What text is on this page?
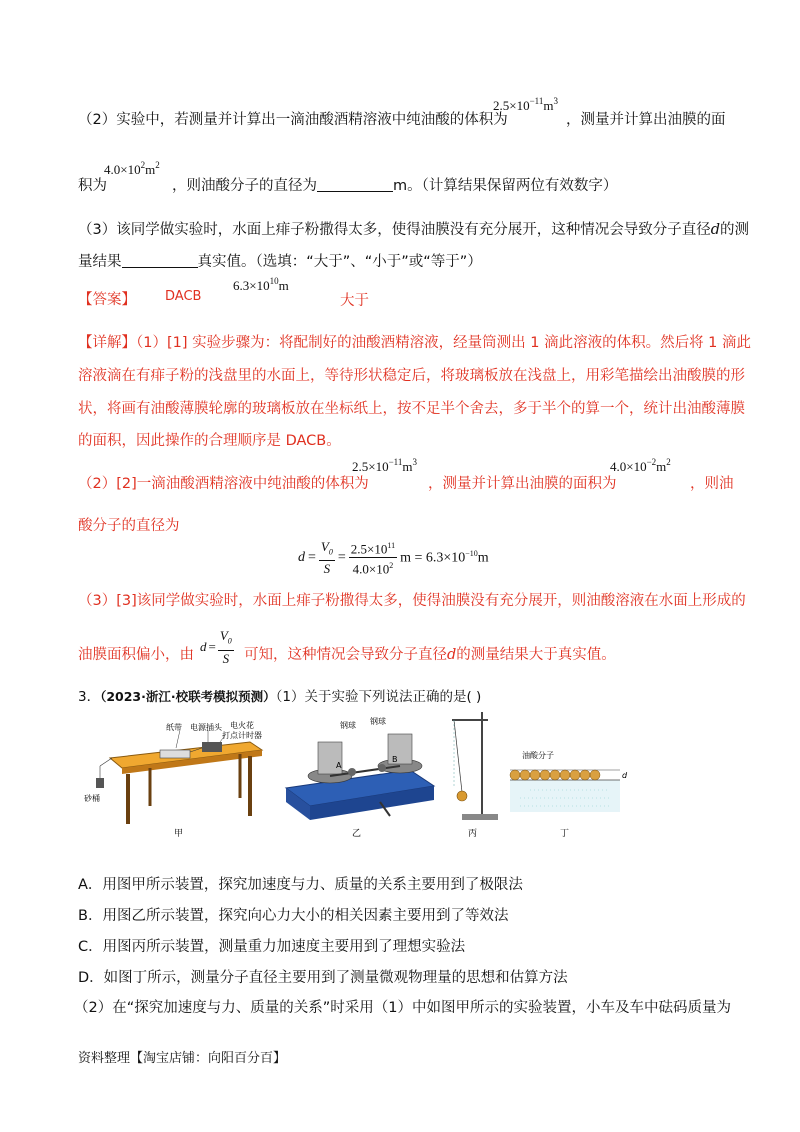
（2）实验中，若测量并计算出一滴油酸酒精溶液中纯油酸的体积为
$2.5\times 10^{-11}m^3$
，测量并计算出油膜的面
积为
$4.0\times 10^2m^2$
，则油酸分子的直径为	m。（计算结果保留两位有效数字）
（3）该同学做实验时，水面上痱子粉撒得太多，使得油膜没有充分展开，这种情况会导致分子直径d的测
量结果	真实值。（选填：“大于”、“小于”或“等于”）
【答案】 DACB
$6.3\times 10^{10}m$
大于
【详解】（1）[1] 实验步骤为：将配制好的油酸酒精溶液，经量筒测出 1 滴此溶液的体积。然后将 1 滴此
溶液滴在有痱子粉的浅盘里的水面上，等待形状稳定后，将玻璃板放在浅盘上，用彩笔描绘出油酸膜的形
状，将画有油酸薄膜轮廓的玻璃板放在坐标纸上，按不足半个舍去，多于半个的算一个，统计出油酸薄膜
的面积，因此操作的合理顺序是 DACB。
（2）[2]一滴油酸酒精溶液中纯油酸的体积为
$2.5\times 10^{-11}m^3$
，测量并计算出油膜的面积为
$4.0\times 10^{-2}m^2$
，则油
酸分子的直径为
$d = \frac{V_0}{S} = \frac{2.5\times 10^{11}}{4.0\times 10^2}$ $m = 6.3\times 10^{-10}m$
（3）[3]该同学做实验时，水面上痱子粉撒得太多，使得油膜没有充分展开，则油酸溶液在水面上形成的
油膜面积偏小，由
$d = \frac{V_0}{S}$ 可知，这种情况会导致分子直径d的测量结果大于真实值。
3．（2023·浙江·校联考模拟预测）（1）关于实验下列说法正确的是( )
纸带 电源插头 电火花
打点计时器
砂桶
甲
钢球 钢球
A
B
乙	丙
油酸分子
d
丁
A．用图甲所示装置，探究加速度与力、质量的关系主要用到了极限法
B．用图乙所示装置，探究向心力大小的相关因素主要用到了等效法
C．用图丙所示装置，测量重力加速度主要用到了理想实验法
D．如图丁所示，测量分子直径主要用到了测量微观物理量的思想和估算方法
（2）在“探究加速度与力、质量的关系”时采用（1）中如图甲所示的实验装置，小车及车中砝码质量为
资料整理【淘宝店铺：向阳百分百】
